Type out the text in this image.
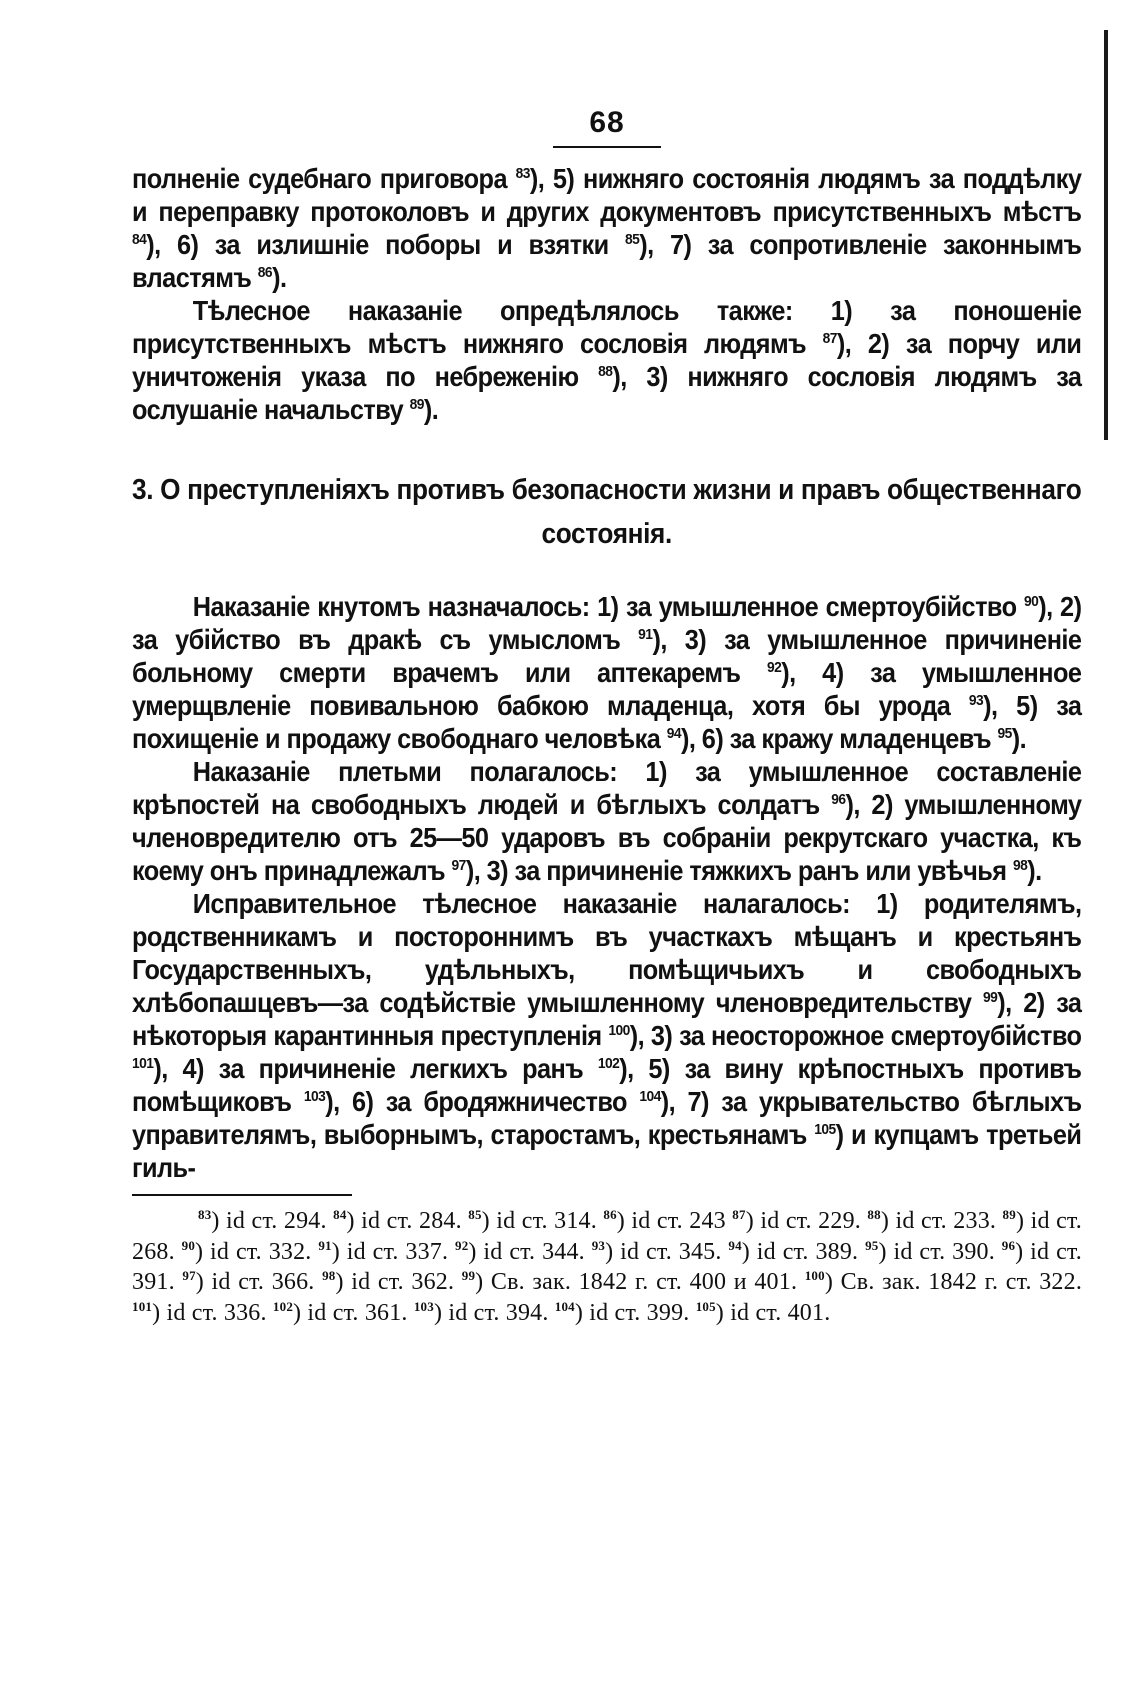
68

полненіе судебнаго приговора $^{83}$), 5) нижняго состоянія людямъ за поддѣлку и переправку протоколовъ и других документовъ присутственныхъ мѣстъ $^{84}$), 6) за излишніе поборы и взятки $^{85}$), 7) за сопротивленіе законнымъ властямъ $^{86}$).

Тѣлесное наказаніе опредѣлялось также: 1) за поношеніе присутственныхъ мѣстъ нижняго сословія людямъ $^{87}$), 2) за порчу или уничтоженія указа по небреженію $^{88}$), 3) нижняго сословія людямъ за ослушаніе начальству $^{89}$).

3. О преступленіяхъ противъ безопасности жизни и правъ общественнаго состоянія.

Наказаніе кнутомъ назначалось: 1) за умышленное смертоубійство $^{90}$), 2) за убійство въ дракѣ съ умысломъ $^{91}$), 3) за умышленное причиненіе больному смерти врачемъ или аптекаремъ $^{92}$), 4) за умышленное умерщвленіе повивальною бабкою младенца, хотя бы урода $^{93}$), 5) за похищеніе и продажу свободнаго человѣка $^{94}$), 6) за кражу младенцевъ $^{95}$).

Наказаніе плетьми полагалось: 1) за умышленное составленіе крѣпостей на свободныхъ людей и бѣглыхъ солдатъ $^{96}$), 2) умышленному членовредителю отъ 25—50 ударовъ въ собраніи рекрутскаго участка, къ коему онъ принадлежалъ $^{97}$), 3) за причиненіе тяжкихъ ранъ или увѣчья $^{98}$).

Исправительное тѣлесное наказаніе налагалось: 1) родителямъ, родственникамъ и постороннимъ въ участкахъ мѣщанъ и крестьянъ Государственныхъ, удѣльныхъ, помѣщичьихъ и свободныхъ хлѣбопашцевъ—за содѣйствіе умышленному членовредительству $^{99}$), 2) за нѣкоторыя карантинныя преступленія $^{100}$), 3) за неосторожное смертоубійство $^{101}$), 4) за причиненіе легкихъ ранъ $^{102}$), 5) за вину крѣпостныхъ противъ помѣщиковъ $^{103}$), 6) за бродяжничество $^{104}$), 7) за укрывательство бѣглыхъ управителямъ, выборнымъ, старостамъ, крестьянамъ $^{105}$) и купцамъ третьей гиль-

$^{83}$) id ст. 294. $^{84}$) id ст. 284. $^{85}$) id ст. 314. $^{86}$) id ст. 243 $^{87}$) id ст. 229. $^{88}$) id ст. 233. $^{89}$) id ст. 268. $^{90}$) id ст. 332. $^{91}$) id ст. 337. $^{92}$) id ст. 344. $^{93}$) id ст. 345. $^{94}$) id ст. 389. $^{95}$) id ст. 390. $^{96}$) id ст. 391. $^{97}$) id ст. 366. $^{98}$) id ст. 362. $^{99}$) Св. зак. 1842 г. ст. 400 и 401. $^{100}$) Св. зак. 1842 г. ст. 322. $^{101}$) id ст. 336. $^{102}$) id ст. 361. $^{103}$) id ст. 394. $^{104}$) id ст. 399. $^{105}$) id ст. 401.
